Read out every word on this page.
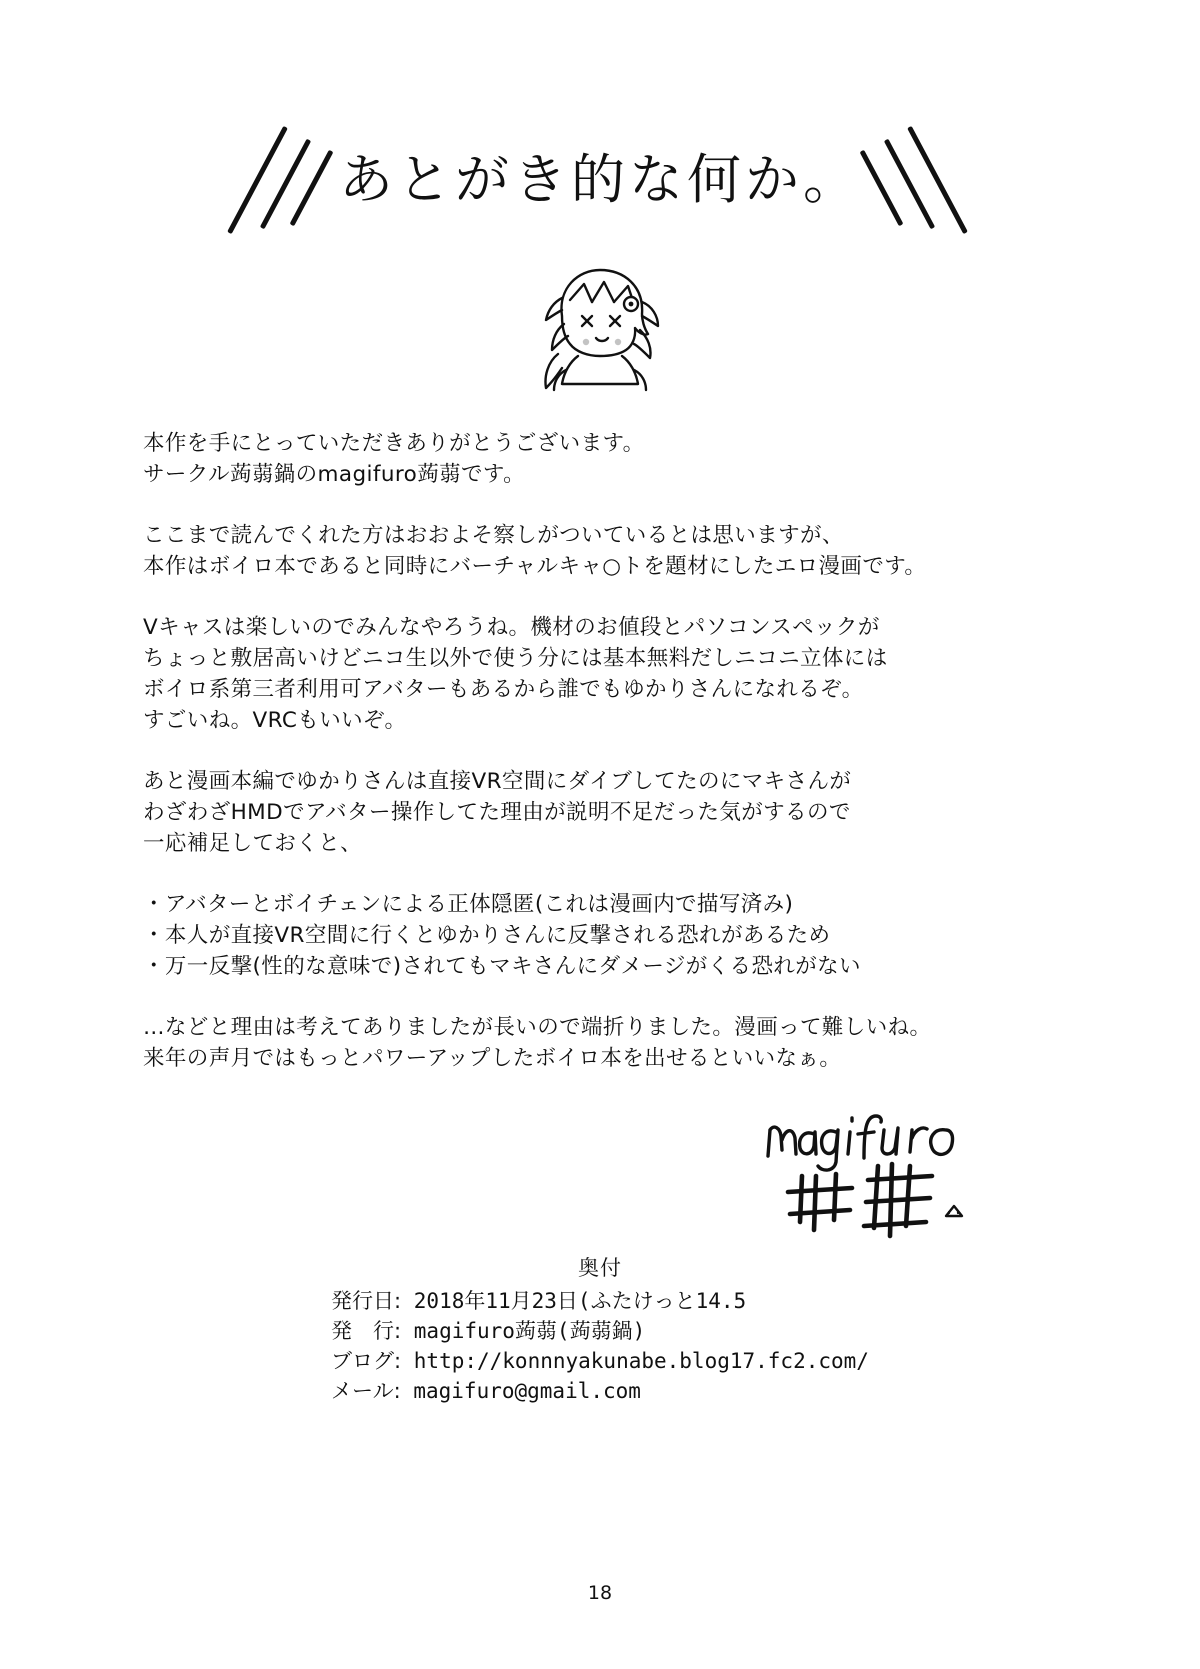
あとがき的な何か。
本作を手にとっていただきありがとうございます。
サークル蒟蒻鍋のmagifuro蒟蒻です。
ここまで読んでくれた方はおおよそ察しがついているとは思いますが、
本作はボイロ本であると同時にバーチャルキャ○トを題材にしたエロ漫画です。
Vキャスは楽しいのでみんなやろうね。機材のお値段とパソコンスペックが
ちょっと敷居高いけどニコ生以外で使う分には基本無料だしニコニ立体には
ボイロ系第三者利用可アバターもあるから誰でもゆかりさんになれるぞ。
すごいね。VRCもいいぞ。
あと漫画本編でゆかりさんは直接VR空間にダイブしてたのにマキさんが
わざわざHMDでアバター操作してた理由が説明不足だった気がするので
一応補足しておくと、
・アバターとボイチェンによる正体隠匿(これは漫画内で描写済み)
・本人が直接VR空間に行くとゆかりさんに反撃される恐れがあるため
・万一反撃(性的な意味で)されてもマキさんにダメージがくる恐れがない
…などと理由は考えてありましたが長いので端折りました。漫画って難しいね。
来年の声月ではもっとパワーアップしたボイロ本を出せるといいなぁ。
奥付
発行日: 2018年11月23日(ふたけっと14.5
発　行: magifuro蒟蒻(蒟蒻鍋)
ブログ: http://konnnyakunabe.blog17.fc2.com/
メール: magifuro@gmail.com
18
